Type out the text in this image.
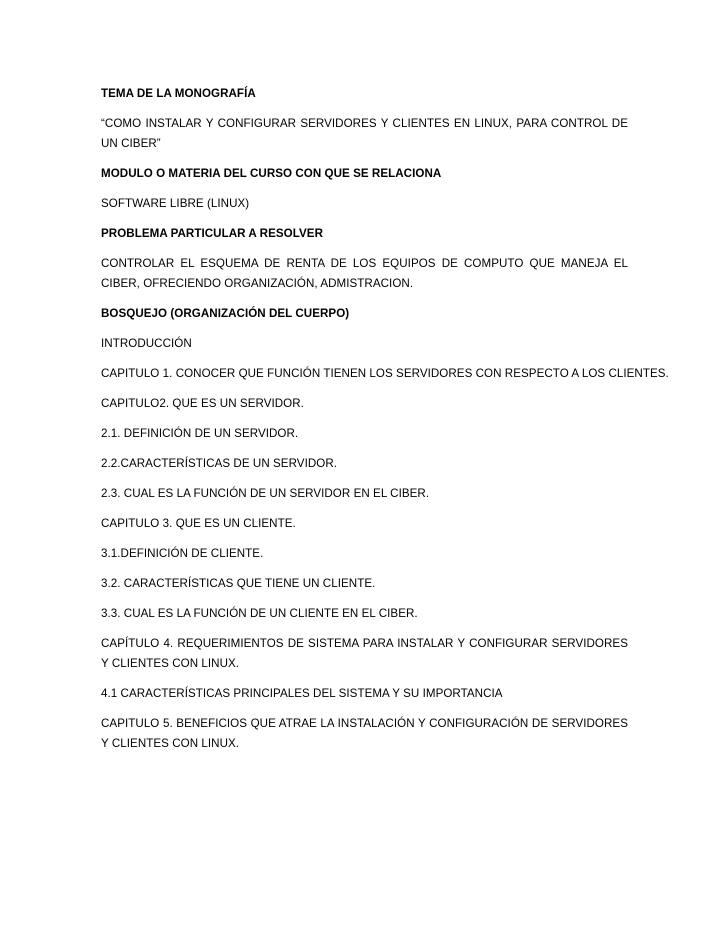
TEMA DE LA MONOGRAFÍA

“COMO INSTALAR Y CONFIGURAR SERVIDORES Y CLIENTES EN LINUX, PARA CONTROL DE UN CIBER”

MODULO O MATERIA DEL CURSO CON QUE SE RELACIONA

SOFTWARE LIBRE (LINUX)

PROBLEMA PARTICULAR A RESOLVER

CONTROLAR EL ESQUEMA DE RENTA DE LOS EQUIPOS DE COMPUTO QUE MANEJA EL CIBER, OFRECIENDO ORGANIZACIÓN, ADMISTRACION.

BOSQUEJO (ORGANIZACIÓN DEL CUERPO)

INTRODUCCIÓN

CAPITULO 1. CONOCER QUE FUNCIÓN TIENEN LOS SERVIDORES CON RESPECTO A LOS CLIENTES.

CAPITULO2. QUE ES UN SERVIDOR.

2.1. DEFINICIÓN DE UN SERVIDOR.

2.2.CARACTERÍSTICAS DE UN SERVIDOR.

2.3. CUAL ES LA FUNCIÓN DE UN SERVIDOR EN EL CIBER.

CAPITULO 3. QUE ES UN CLIENTE.

3.1.DEFINICIÓN DE CLIENTE.

3.2. CARACTERÍSTICAS QUE TIENE UN CLIENTE.

3.3. CUAL ES LA FUNCIÓN DE UN CLIENTE EN EL CIBER.

CAPÍTULO 4. REQUERIMIENTOS DE SISTEMA PARA INSTALAR Y CONFIGURAR SERVIDORES Y CLIENTES CON LINUX.

4.1 CARACTERÍSTICAS PRINCIPALES DEL SISTEMA Y SU IMPORTANCIA

CAPITULO 5. BENEFICIOS QUE ATRAE LA INSTALACIÓN Y CONFIGURACIÓN DE SERVIDORES Y CLIENTES CON LINUX.
